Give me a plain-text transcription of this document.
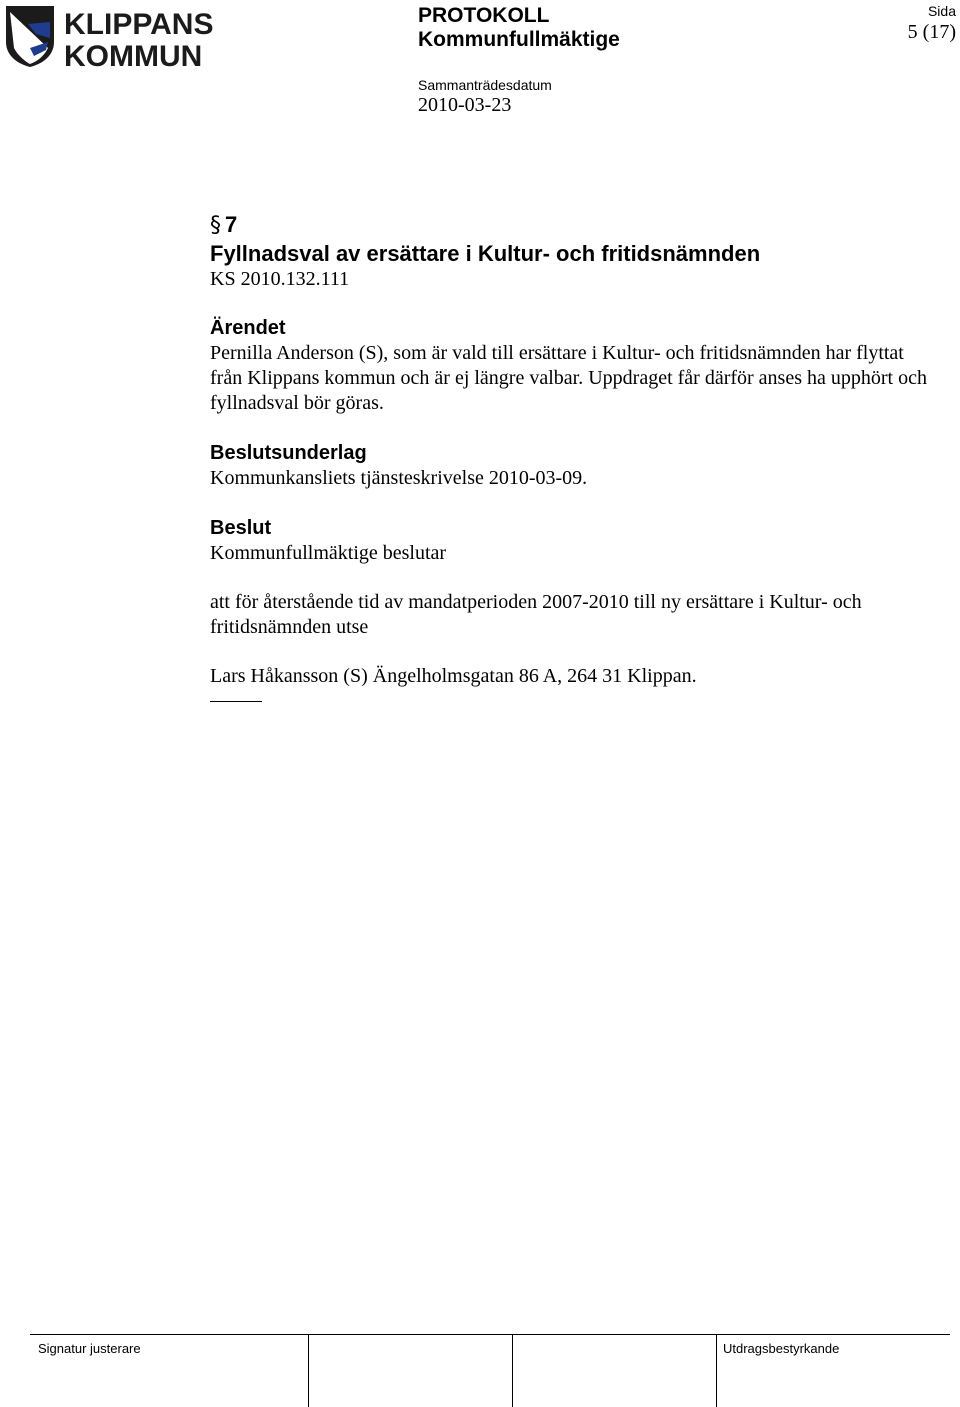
KLIPPANS
KOMMUN
PROTOKOLL
Kommunfullmäktige
Sammanträdesdatum
2010-03-23
Sida
5 (17)
§ 7
Fyllnadsval av ersättare i Kultur- och fritidsnämnden
KS 2010.132.111
Ärendet
Pernilla Anderson (S), som är vald till ersättare i Kultur- och fritidsnämnden har flyttat från Klippans kommun och är ej längre valbar. Uppdraget får därför anses ha upphört och fyllnadsval bör göras.
Beslutsunderlag
Kommunkansliets tjänsteskrivelse 2010-03-09.
Beslut
Kommunfullmäktige beslutar
att för återstående tid av mandatperioden 2007-2010 till ny ersättare i Kultur- och fritidsnämnden utse
Lars Håkansson (S) Ängelholmsgatan 86 A, 264 31 Klippan.
Signatur justerare	Utdragsbestyrkande
